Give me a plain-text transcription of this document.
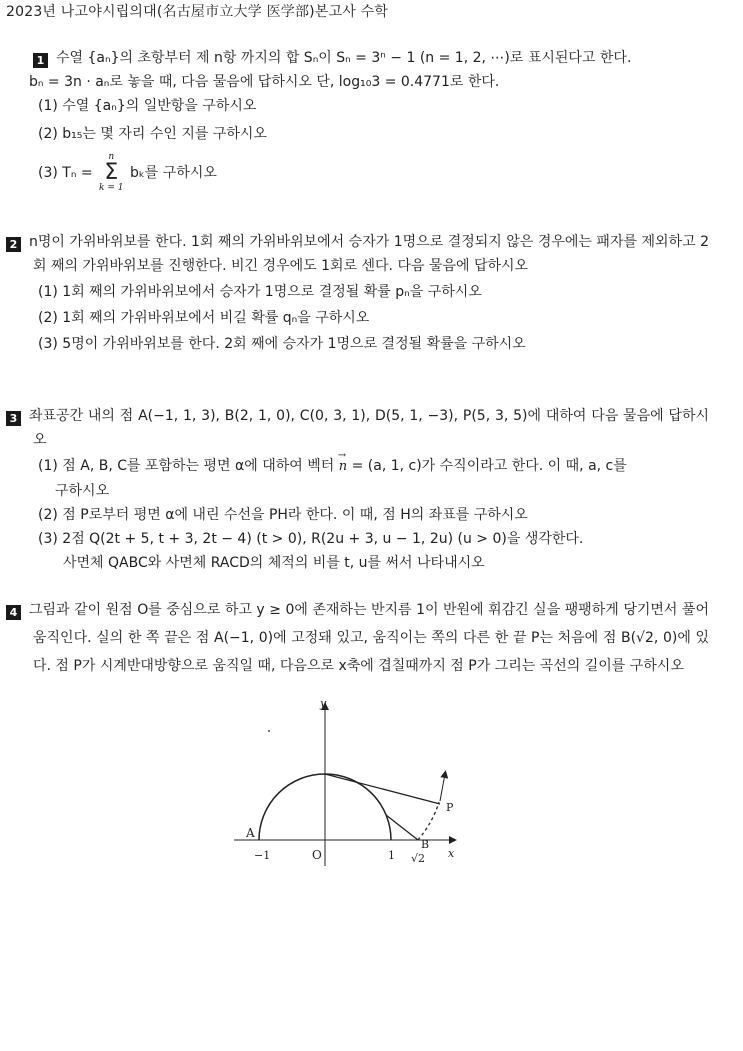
2023년 나고야시립의대(名古屋市立大学 医学部)본고사 수학
1 수열 {aₙ}의 초항부터 제 n항 까지의 합 Sₙ이 Sₙ = 3ⁿ − 1 (n = 1, 2, ⋯)로 표시된다고 한다.
bₙ = 3n · aₙ로 놓을 때, 다음 물음에 답하시오 단, log₁₀3 = 0.4771로 한다.
(1) 수열 {aₙ}의 일반항을 구하시오
(2) b₁₅는 몇 자리 수인 지를 구하시오
(3) Tₙ =
n
Σ
k = 1
bₖ를 구하시오
2 n명이 가위바위보를 한다. 1회 째의 가위바위보에서 승자가 1명으로 결정되지 않은 경우에는 패자를 제외하고 2회 째의 가위바위보를 진행한다. 비긴 경우에도 1회로 센다. 다음 물음에 답하시오
(1) 1회 째의 가위바위보에서 승자가 1명으로 결정될 확률 pₙ을 구하시오
(2) 1회 째의 가위바위보에서 비길 확률 qₙ을 구하시오
(3) 5명이 가위바위보를 한다. 2회 째에 승자가 1명으로 결정될 확률을 구하시오
3 좌표공간 내의 점 A(−1, 1, 3), B(2, 1, 0), C(0, 3, 1), D(5, 1, −3), P(5, 3, 5)에 대하여 다음 물음에 답하시오
(1) 점 A, B, C를 포함하는 평면 α에 대하여 벡터 → n = (a, 1, c)가 수직이라고 한다. 이 때, a, c를
구하시오
(2) 점 P로부터 평면 α에 내린 수선을 PH라 한다. 이 때, 점 H의 좌표를 구하시오
(3) 2점 Q(2t + 5, t + 3, 2t − 4) (t > 0), R(2u + 3, u − 1, 2u) (u > 0)을 생각한다.
사면체 QABC와 사면체 RACD의 체적의 비를 t, u를 써서 나타내시오
4 그림과 같이 원점 O를 중심으로 하고 y ≥ 0에 존재하는 반지름 1이 반원에 휘감긴 실을 팽팽하게 당기면서 풀어 움직인다. 실의 한 쪽 끝은 점 A(−1, 0)에 고정돼 있고, 움직이는 쪽의 다른 한 끝 P는 처음에 점 B(√2, 0)에 있다. 점 P가 시계반대방향으로 움직일 때, 다음으로 x축에 겹칠때까지 점 P가 그리는 곡선의 길이를 구하시오
y
x
A
B
P
O
−1	1 √2
